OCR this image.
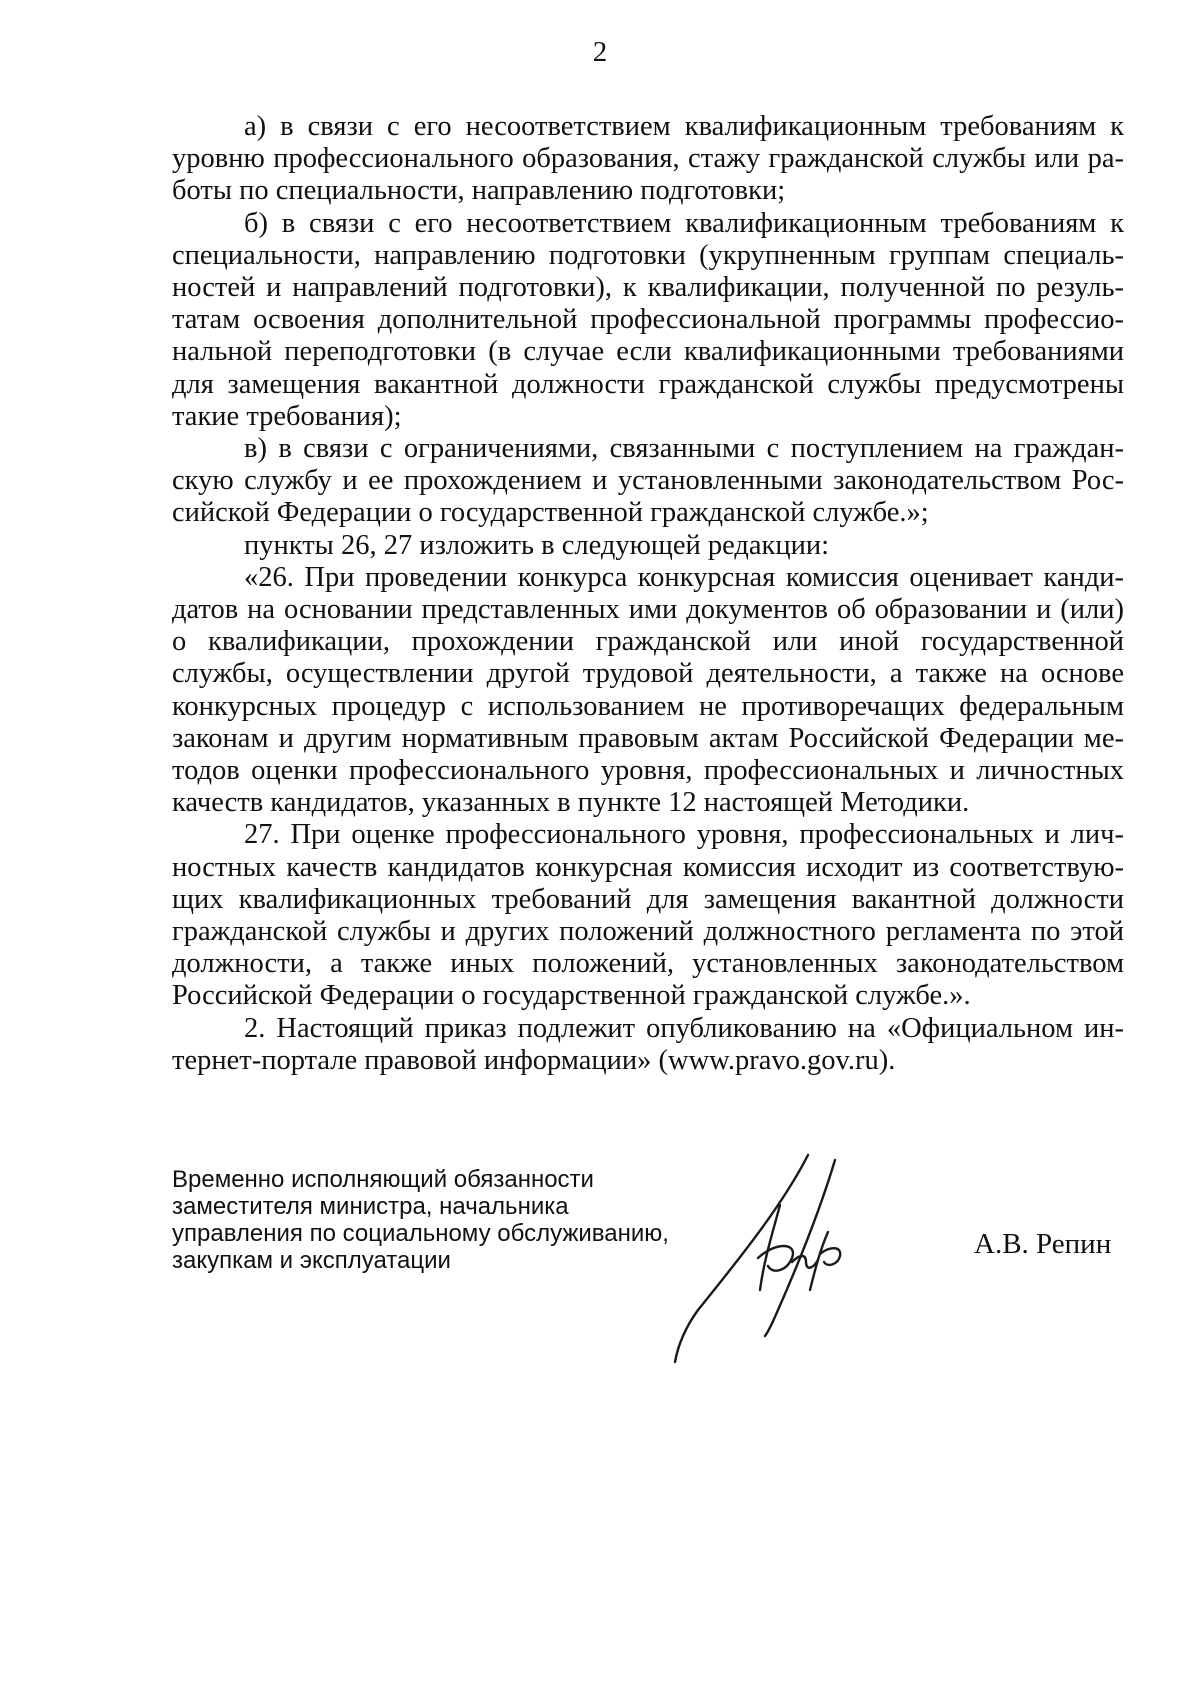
2

а) в связи с его несоответствием квалификационным требованиям к уровню профессионального образования, стажу гражданской службы или работы по специальности, направлению подготовки;

б) в связи с его несоответствием квалификационным требованиям к специальности, направлению подготовки (укрупненным группам специальностей и направлений подготовки), к квалификации, полученной по результатам освоения дополнительной профессиональной программы профессиональной переподготовки (в случае если квалификационными требованиями для замещения вакантной должности гражданской службы предусмотрены такие требования);

в) в связи с ограничениями, связанными с поступлением на гражданскую службу и ее прохождением и установленными законодательством Российской Федерации о государственной гражданской службе.»;

пункты 26, 27 изложить в следующей редакции:

«26. При проведении конкурса конкурсная комиссия оценивает кандидатов на основании представленных ими документов об образовании и (или) о квалификации, прохождении гражданской или иной государственной службы, осуществлении другой трудовой деятельности, а также на основе конкурсных процедур с использованием не противоречащих федеральным законам и другим нормативным правовым актам Российской Федерации методов оценки профессионального уровня, профессиональных и личностных качеств кандидатов, указанных в пункте 12 настоящей Методики.

27. При оценке профессионального уровня, профессиональных и личностных качеств кандидатов конкурсная комиссия исходит из соответствующих квалификационных требований для замещения вакантной должности гражданской службы и других положений должностного регламента по этой должности, а также иных положений, установленных законодательством Российской Федерации о государственной гражданской службе.».

2. Настоящий приказ подлежит опубликованию на «Официальном интернет-портале правовой информации» (www.pravo.gov.ru).

Временно исполняющий обязанности
заместителя министра, начальника
управления по социальному обслуживанию,
закупкам и эксплуатации
А.В. Репин
